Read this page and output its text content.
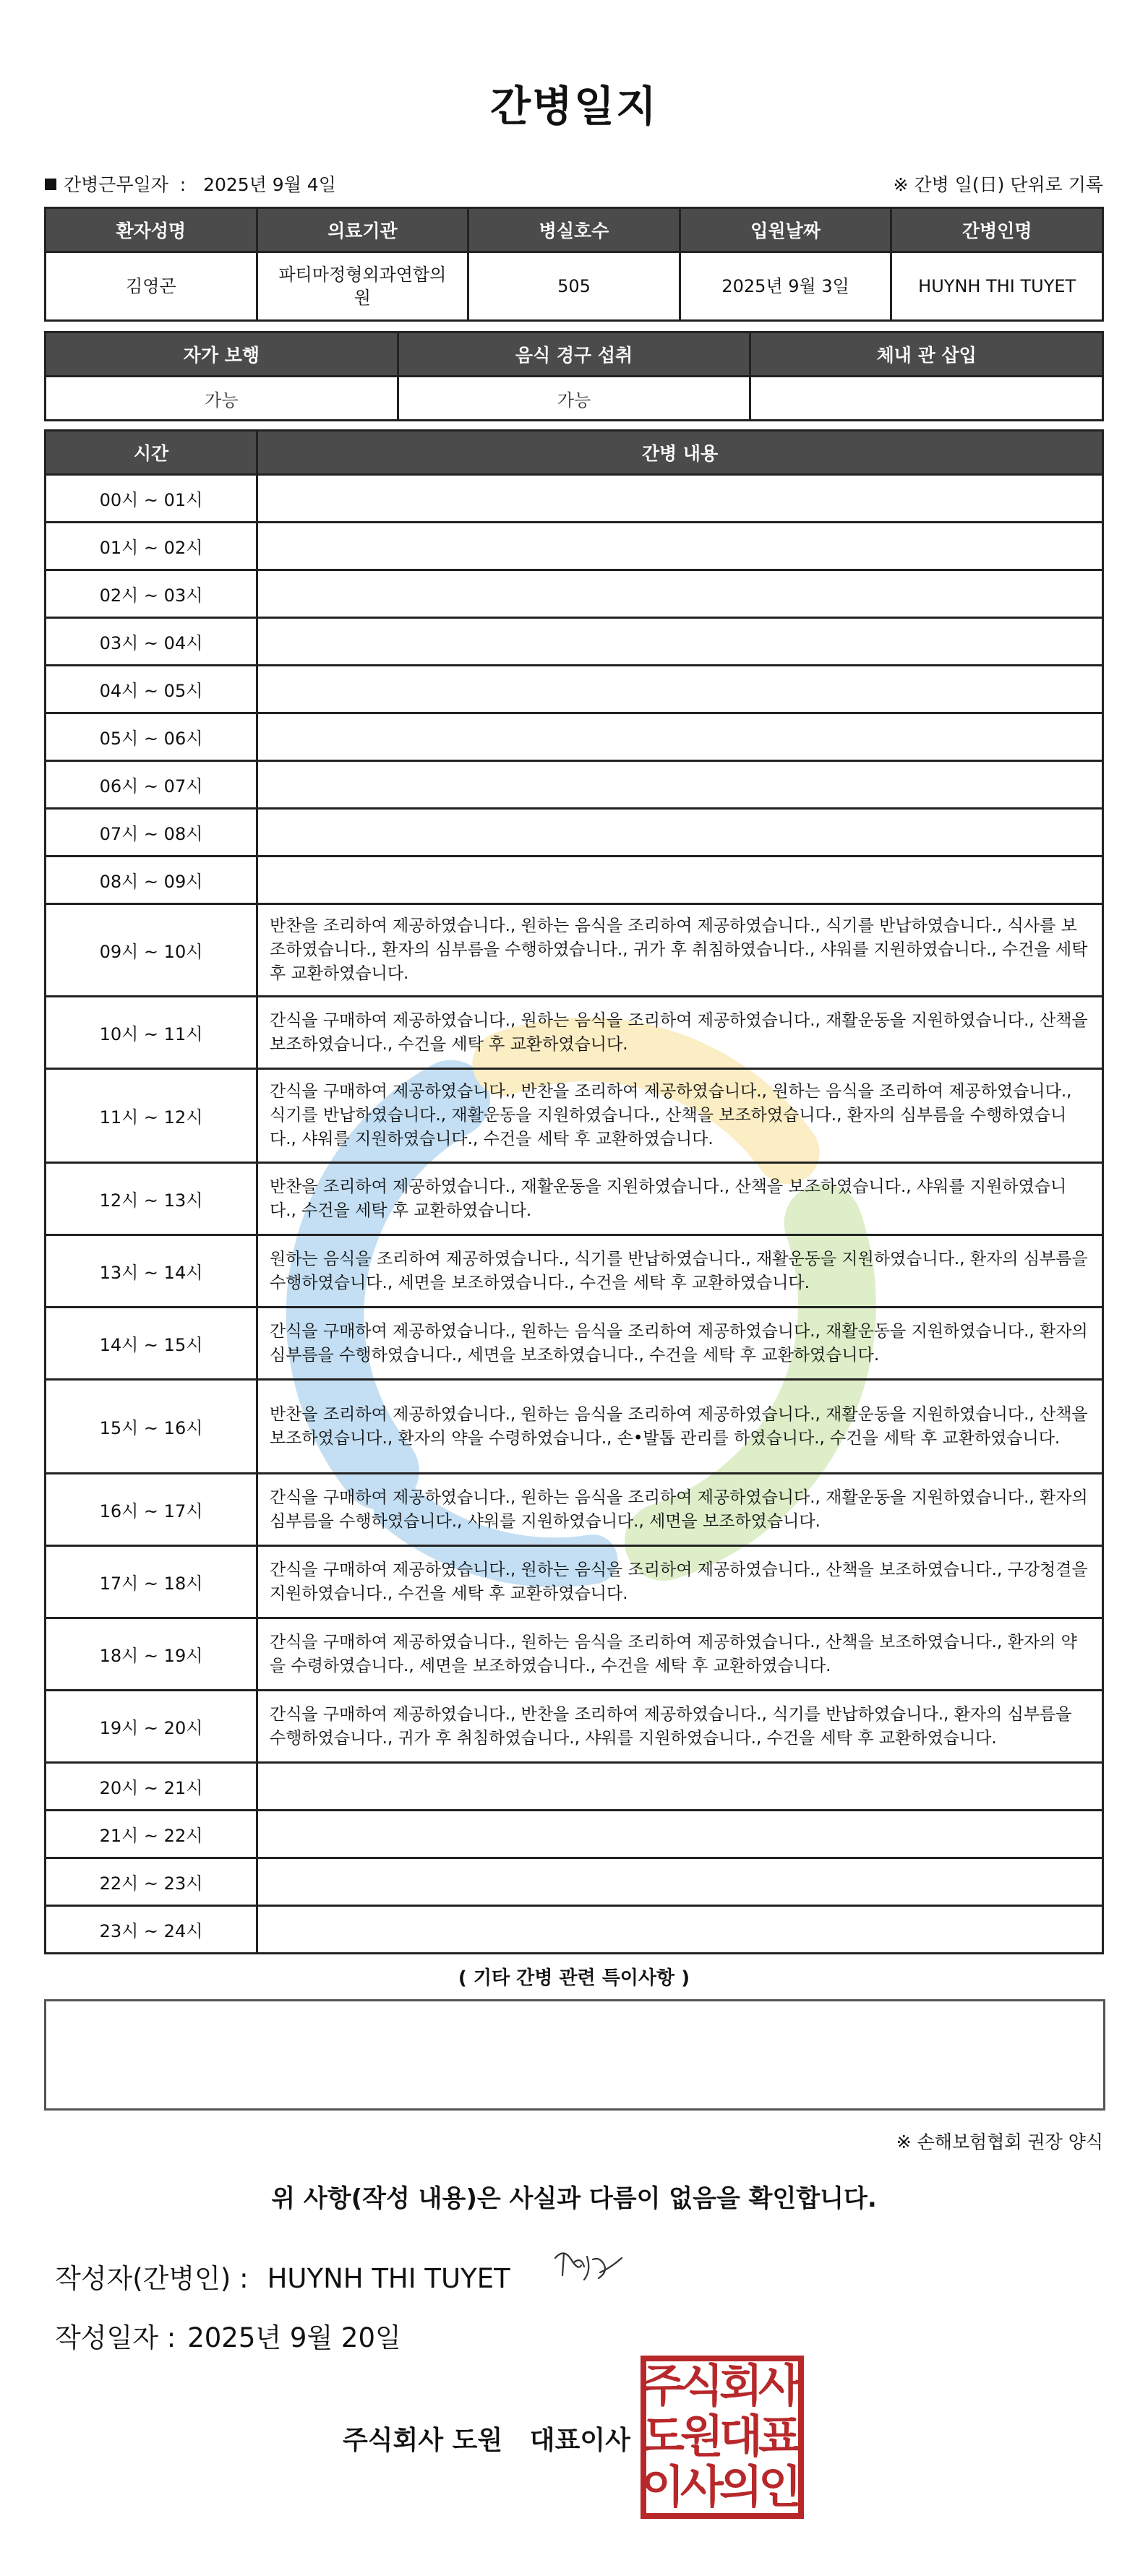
간병일지
간병근무일자  :   2025년 9월 4일	※ 간병 일(日) 단위로 기록
환자성명	의료기관	병실호수	입원날짜	간병인명
김영곤	파티마정형외과연합의원	505	2025년 9월 3일	HUYNH THI TUYET
자가 보행	음식 경구 섭취	체내 관 삽입
가능	가능	
시간	간병 내용
00시 ~ 01시	
01시 ~ 02시	
02시 ~ 03시	
03시 ~ 04시	
04시 ~ 05시	
05시 ~ 06시	
06시 ~ 07시	
07시 ~ 08시	
08시 ~ 09시	
09시 ~ 10시	반찬을 조리하여 제공하였습니다., 원하는 음식을 조리하여 제공하였습니다., 식기를 반납하였습니다., 식사를 보조하였습니다., 환자의 심부름을 수행하였습니다., 귀가 후 취침하였습니다., 샤워를 지원하였습니다., 수건을 세탁 후 교환하였습니다.
10시 ~ 11시	간식을 구매하여 제공하였습니다., 원하는 음식을 조리하여 제공하였습니다., 재활운동을 지원하였습니다., 산책을 보조하였습니다., 수건을 세탁 후 교환하였습니다.
11시 ~ 12시	간식을 구매하여 제공하였습니다., 반찬을 조리하여 제공하였습니다., 원하는 음식을 조리하여 제공하였습니다., 식기를 반납하였습니다., 재활운동을 지원하였습니다., 산책을 보조하였습니다., 환자의 심부름을 수행하였습니다., 샤워를 지원하였습니다., 수건을 세탁 후 교환하였습니다.
12시 ~ 13시	반찬을 조리하여 제공하였습니다., 재활운동을 지원하였습니다., 산책을 보조하였습니다., 샤워를 지원하였습니다., 수건을 세탁 후 교환하였습니다.
13시 ~ 14시	원하는 음식을 조리하여 제공하였습니다., 식기를 반납하였습니다., 재활운동을 지원하였습니다., 환자의 심부름을 수행하였습니다., 세면을 보조하였습니다., 수건을 세탁 후 교환하였습니다.
14시 ~ 15시	간식을 구매하여 제공하였습니다., 원하는 음식을 조리하여 제공하였습니다., 재활운동을 지원하였습니다., 환자의 심부름을 수행하였습니다., 세면을 보조하였습니다., 수건을 세탁 후 교환하였습니다.
15시 ~ 16시	반찬을 조리하여 제공하였습니다., 원하는 음식을 조리하여 제공하였습니다., 재활운동을 지원하였습니다., 산책을 보조하였습니다., 환자의 약을 수령하였습니다., 손•발톱 관리를 하였습니다., 수건을 세탁 후 교환하였습니다.
16시 ~ 17시	간식을 구매하여 제공하였습니다., 원하는 음식을 조리하여 제공하였습니다., 재활운동을 지원하였습니다., 환자의 심부름을 수행하였습니다., 샤워를 지원하였습니다., 세면을 보조하였습니다.
17시 ~ 18시	간식을 구매하여 제공하였습니다., 원하는 음식을 조리하여 제공하였습니다., 산책을 보조하였습니다., 구강청결을 지원하였습니다., 수건을 세탁 후 교환하였습니다.
18시 ~ 19시	간식을 구매하여 제공하였습니다., 원하는 음식을 조리하여 제공하였습니다., 산책을 보조하였습니다., 환자의 약을 수령하였습니다., 세면을 보조하였습니다., 수건을 세탁 후 교환하였습니다.
19시 ~ 20시	간식을 구매하여 제공하였습니다., 반찬을 조리하여 제공하였습니다., 식기를 반납하였습니다., 환자의 심부름을 수행하였습니다., 귀가 후 취침하였습니다., 샤워를 지원하였습니다., 수건을 세탁 후 교환하였습니다.
20시 ~ 21시	
21시 ~ 22시	
22시 ~ 23시	
23시 ~ 24시	
( 기타 간병 관련 특이사항 )
※ 손해보험협회 권장 양식
위 사항(작성 내용)은 사실과 다름이 없음을 확인합니다.
작성자(간병인) : HUYNH THI TUYET
작성일자 : 2025년 9월 20일
주식회사 도원   대표이사
주
식
회
사
도
원
대
표
이
사
의
인
